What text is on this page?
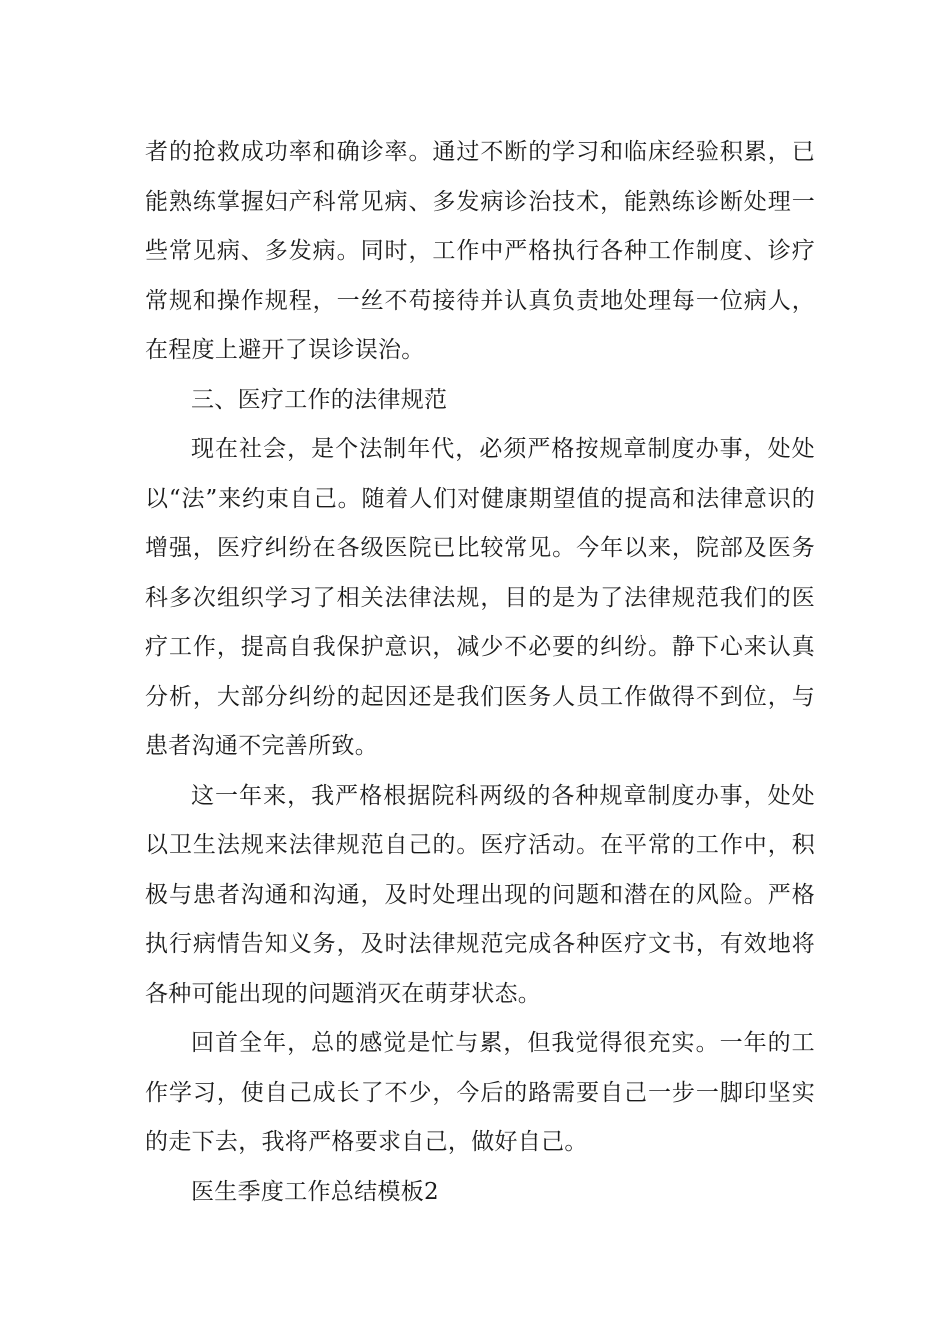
者的抢救成功率和确诊率。通过不断的学习和临床经验积累，已能熟练掌握妇产科常见病、多发病诊治技术，能熟练诊断处理一些常见病、多发病。同时，工作中严格执行各种工作制度、诊疗常规和操作规程，一丝不苟接待并认真负责地处理每一位病人，在程度上避开了误诊误治。

三、医疗工作的法律规范

现在社会，是个法制年代，必须严格按规章制度办事，处处以“法”来约束自己。随着人们对健康期望值的提高和法律意识的增强，医疗纠纷在各级医院已比较常见。今年以来，院部及医务科多次组织学习了相关法律法规，目的是为了法律规范我们的医疗工作，提高自我保护意识，减少不必要的纠纷。静下心来认真分析，大部分纠纷的起因还是我们医务人员工作做得不到位，与患者沟通不完善所致。

这一年来，我严格根据院科两级的各种规章制度办事，处处以卫生法规来法律规范自己的。医疗活动。在平常的工作中，积极与患者沟通和沟通，及时处理出现的问题和潜在的风险。严格执行病情告知义务，及时法律规范完成各种医疗文书，有效地将各种可能出现的问题消灭在萌芽状态。

回首全年，总的感觉是忙与累，但我觉得很充实。一年的工作学习，使自己成长了不少，今后的路需要自己一步一脚印坚实的走下去，我将严格要求自己，做好自己。

医生季度工作总结模板2
